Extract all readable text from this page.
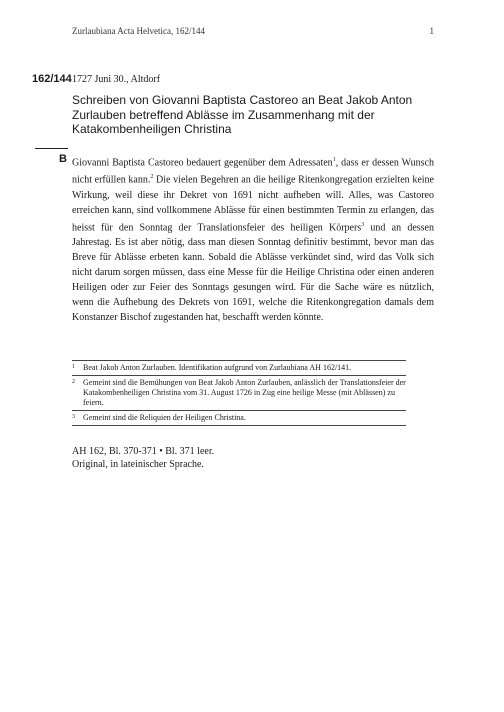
Zurlaubiana Acta Helvetica, 162/144	1
162/144 1727 Juni 30., Altdorf
Schreiben von Giovanni Baptista Castoreo an Beat Jakob Anton Zurlauben betreffend Ablässe im Zusammenhang mit der Katakombenheiligen Christina
B Giovanni Baptista Castoreo bedauert gegenüber dem Adressaten$^1$, dass er dessen Wunsch nicht erfüllen kann.$^2$ Die vielen Begehren an die heilige Ritenkongregation erzielten keine Wirkung, weil diese ihr Dekret von 1691 nicht aufheben will. Alles, was Castoreo erreichen kann, sind vollkommene Ablässe für einen bestimmten Termin zu erlangen, das heisst für den Sonntag der Translationsfeier des heiligen Körpers$^3$ und an dessen Jahrestag. Es ist aber nötig, dass man diesen Sonntag definitiv bestimmt, bevor man das Breve für Ablässe erbeten kann. Sobald die Ablässe verkündet sind, wird das Volk sich nicht darum sorgen müssen, dass eine Messe für die Heilige Christina oder einen anderen Heiligen oder zur Feier des Sonntags gesungen wird. Für die Sache wäre es nützlich, wenn die Aufhebung des Dekrets von 1691, welche die Ritenkongregation damals dem Konstanzer Bischof zugestanden hat, beschafft werden könnte.

1 Beat Jakob Anton Zurlauben. Identifikation aufgrund von Zurlaubiana AH 162/141.
2 Gemeint sind die Bemühungen von Beat Jakob Anton Zurlauben, anlässlich der Translationsfeier der Katakombenheiligen Christina vom 31. August 1726 in Zug eine heilige Messe (mit Ablässen) zu feiern.
3 Gemeint sind die Reliquien der Heiligen Christina.
AH 162, Bl. 370-371 • Bl. 371 leer.
Original, in lateinischer Sprache.
